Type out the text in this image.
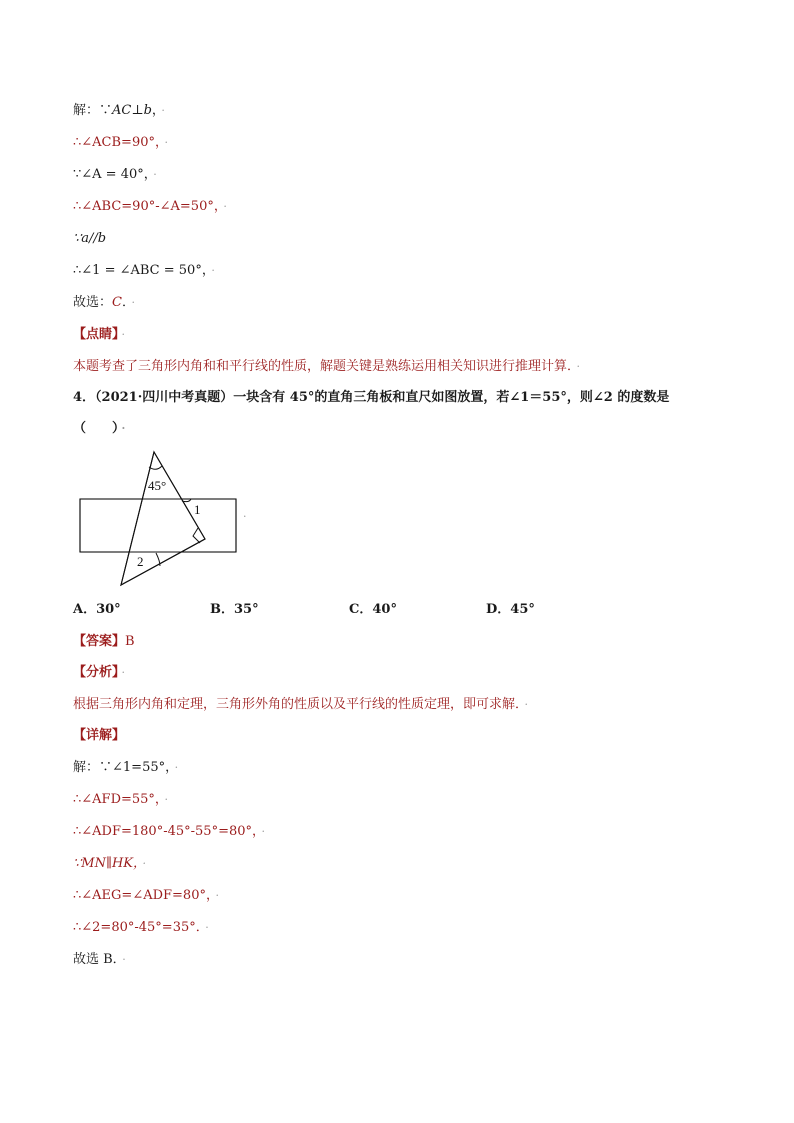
解：∵AC⊥b， ·
∴∠ACB=90°， ·
∵∠A = 40°， ·
∴∠ABC=90°-∠A=50°， ·
∵a//b
∴∠1 = ∠ABC = 50°， ·
故选：C． ·
【点睛】 ·
本题考查了三角形内角和和平行线的性质，解题关键是熟练运用相关知识进行推理计算． ·
4．（2021·四川中考真题）一块含有 45°的直角三角板和直尺如图放置，若∠1＝55°，则∠2 的度数是
（　　） ·
45°
1
2
·
A．30°	B．35°	C．40°	D．45°
【答案】B
【分析】 ·
根据三角形内角和定理，三角形外角的性质以及平行线的性质定理，即可求解． ·
【详解】
解：∵∠1=55°， ·
∴∠AFD=55°， ·
∴∠ADF=180°-45°-55°=80°， ·
∵MN∥HK， ·
∴∠AEG=∠ADF=80°， ·
∴∠2=80°-45°=35°． ·
故选 B． ·
